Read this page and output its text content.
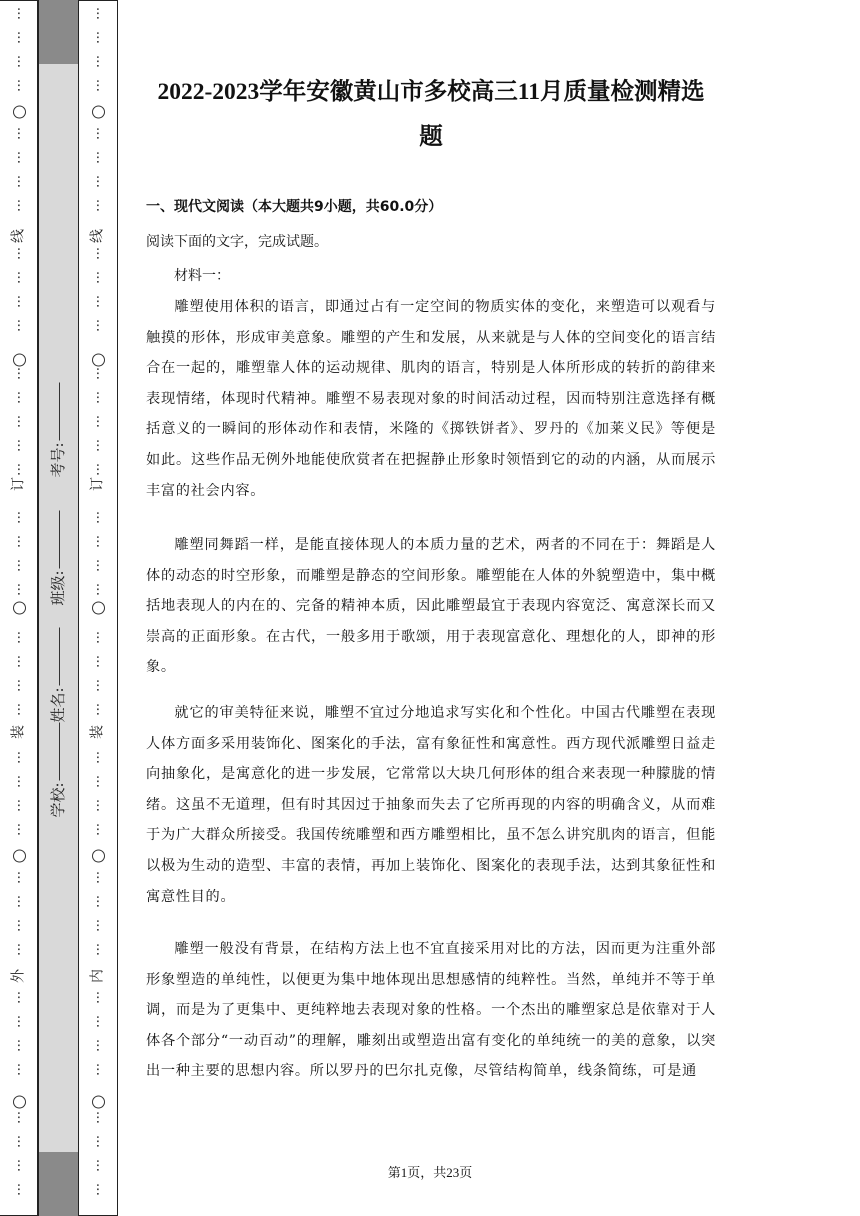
⋮
⋮
⋮
⋮
⋮
⋮
⋮
⋮
⋮
⋮
⋮
⋮
⋮
⋮
⋮
⋮
⋮
⋮
⋮
⋮
⋮
⋮
⋮
⋮
⋮
⋮
⋮
⋮
⋮
⋮
⋮
⋮
⋮
⋮
⋮
⋮
⋮
⋮
⋮
⋮
⋮
线
订
装
外
⋮
⋮
⋮
⋮
⋮
⋮
⋮
⋮
⋮
⋮
⋮
⋮
⋮
⋮
⋮
⋮
⋮
⋮
⋮
⋮
⋮
⋮
⋮
⋮
⋮
⋮
⋮
⋮
⋮
⋮
⋮
⋮
⋮
⋮
⋮
⋮
⋮
⋮
⋮
⋮
⋮
线
订
装
内
学校:
姓名:
班级:
考号:
2022-2023学年安徽黄山市多校高三11月质量检测精选题
一、现代文阅读（本大题共9小题，共60.0分）
阅读下面的文字，完成试题。
材料一：
雕塑使用体积的语言，即通过占有一定空间的物质实体的变化，来塑造可以观看与触摸的形体，形成审美意象。雕塑的产生和发展，从来就是与人体的空间变化的语言结合在一起的，雕塑靠人体的运动规律、肌肉的语言，特别是人体所形成的转折的韵律来表现情绪，体现时代精神。雕塑不易表现对象的时间活动过程，因而特别注意选择有概括意义的一瞬间的形体动作和表情，米隆的《掷铁饼者》、罗丹的《加莱义民》等便是如此。这些作品无例外地能使欣赏者在把握静止形象时领悟到它的动的内涵，从而展示丰富的社会内容。
雕塑同舞蹈一样，是能直接体现人的本质力量的艺术，两者的不同在于：舞蹈是人体的动态的时空形象，而雕塑是静态的空间形象。雕塑能在人体的外貌塑造中，集中概括地表现人的内在的、完备的精神本质，因此雕塑最宜于表现内容宽泛、寓意深长而又崇高的正面形象。在古代，一般多用于歌颂，用于表现富意化、理想化的人，即神的形象。
就它的审美特征来说，雕塑不宜过分地追求写实化和个性化。中国古代雕塑在表现人体方面多采用装饰化、图案化的手法，富有象征性和寓意性。西方现代派雕塑日益走向抽象化，是寓意化的进一步发展，它常常以大块几何形体的组合来表现一种朦胧的情绪。这虽不无道理，但有时其因过于抽象而失去了它所再现的内容的明确含义，从而难于为广大群众所接受。我国传统雕塑和西方雕塑相比，虽不怎么讲究肌肉的语言，但能以极为生动的造型、丰富的表情，再加上装饰化、图案化的表现手法，达到其象征性和寓意性目的。
雕塑一般没有背景，在结构方法上也不宜直接采用对比的方法，因而更为注重外部形象塑造的单纯性，以便更为集中地体现出思想感情的纯粹性。当然，单纯并不等于单调，而是为了更集中、更纯粹地去表现对象的性格。一个杰出的雕塑家总是依靠对于人体各个部分“一动百动”的理解，雕刻出或塑造出富有变化的单纯统一的美的意象，以突出一种主要的思想内容。所以罗丹的巴尔扎克像，尽管结构简单，线条简练，可是通
第1页，共23页
